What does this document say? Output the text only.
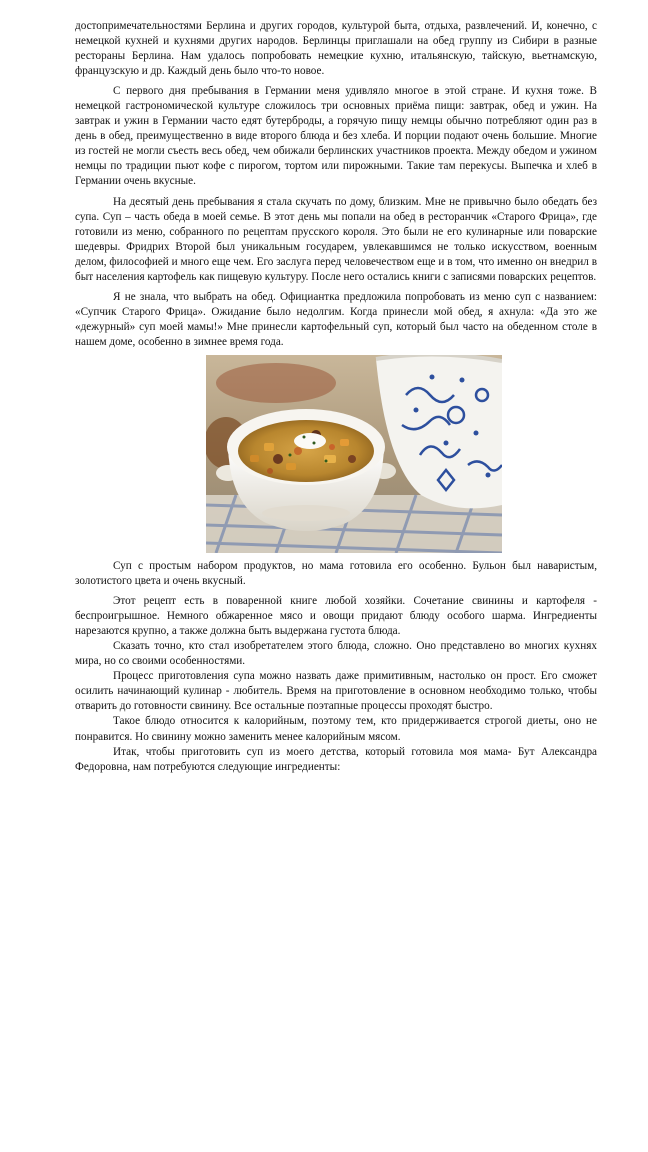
достопримечательностями Берлина и других городов, культурой быта, отдыха, развлечений. И, конечно, с немецкой кухней и кухнями других народов. Берлинцы приглашали на обед группу из Сибири в разные рестораны Берлина. Нам удалось попробовать немецкие кухню, итальянскую, тайскую, вьетнамскую, французскую и др. Каждый день было что-то новое.

С первого дня пребывания в Германии меня удивляло многое в этой стране. И кухня тоже. В немецкой гастрономической культуре сложилось три основных приёма пищи: завтрак, обед и ужин. На завтрак и ужин в Германии часто едят бутерброды, а горячую пищу немцы обычно потребляют один раз в день в обед, преимущественно в виде второго блюда и без хлеба. И порции подают очень большие. Многие из гостей не могли съесть весь обед, чем обижали берлинских участников проекта. Между обедом и ужином немцы по традиции пьют кофе с пирогом, тортом или пирожными. Такие там перекусы. Выпечка и хлеб в Германии очень вкусные.

На десятый день пребывания я стала скучать по дому, близким. Мне не привычно было обедать без супа. Суп – часть обеда в моей семье. В этот день мы попали на обед в ресторанчик «Старого Фрица», где готовили из меню, собранного по рецептам прусского короля. Это были не его кулинарные или поварские шедевры. Фридрих Второй был уникальным государем, увлекавшимся не только искусством, военным делом, философией и много еще чем. Его заслуга перед человечеством еще и в том, что именно он внедрил в быт населения картофель как пищевую культуру. После него остались книги с записями поварских рецептов.

Я не знала, что выбрать на обед. Официантка предложила попробовать из меню суп с названием: «Супчик Старого Фрица». Ожидание было недолгим. Когда принесли мой обед, я ахнула: «Да это же «дежурный» суп моей мамы!» Мне принесли картофельный суп, который был часто на обеденном столе в нашем доме, особенно в зимнее время года.

Суп с простым набором продуктов, но мама готовила его особенно. Бульон был наваристым, золотистого цвета и очень вкусный.

Этот рецепт есть в поваренной книге любой хозяйки. Сочетание свинины и картофеля - беспроигрышное. Немного обжаренное мясо и овощи придают блюду особого шарма. Ингредиенты нарезаются крупно, а также должна быть выдержана густота блюда.

Сказать точно, кто стал изобретателем этого блюда, сложно. Оно представлено во многих кухнях мира, но со своими особенностями.

Процесс приготовления супа можно назвать даже примитивным, настолько он прост. Его сможет осилить начинающий кулинар - любитель. Время на приготовление в основном необходимо только, чтобы отварить до готовности свинину. Все остальные поэтапные процессы проходят быстро.

Такое блюдо относится к калорийным, поэтому тем, кто придерживается строгой диеты, оно не понравится. Но свинину можно заменить менее калорийным мясом.

Итак, чтобы приготовить суп из моего детства, который готовила моя мама- Бут Александра Федоровна, нам потребуются следующие ингредиенты:
